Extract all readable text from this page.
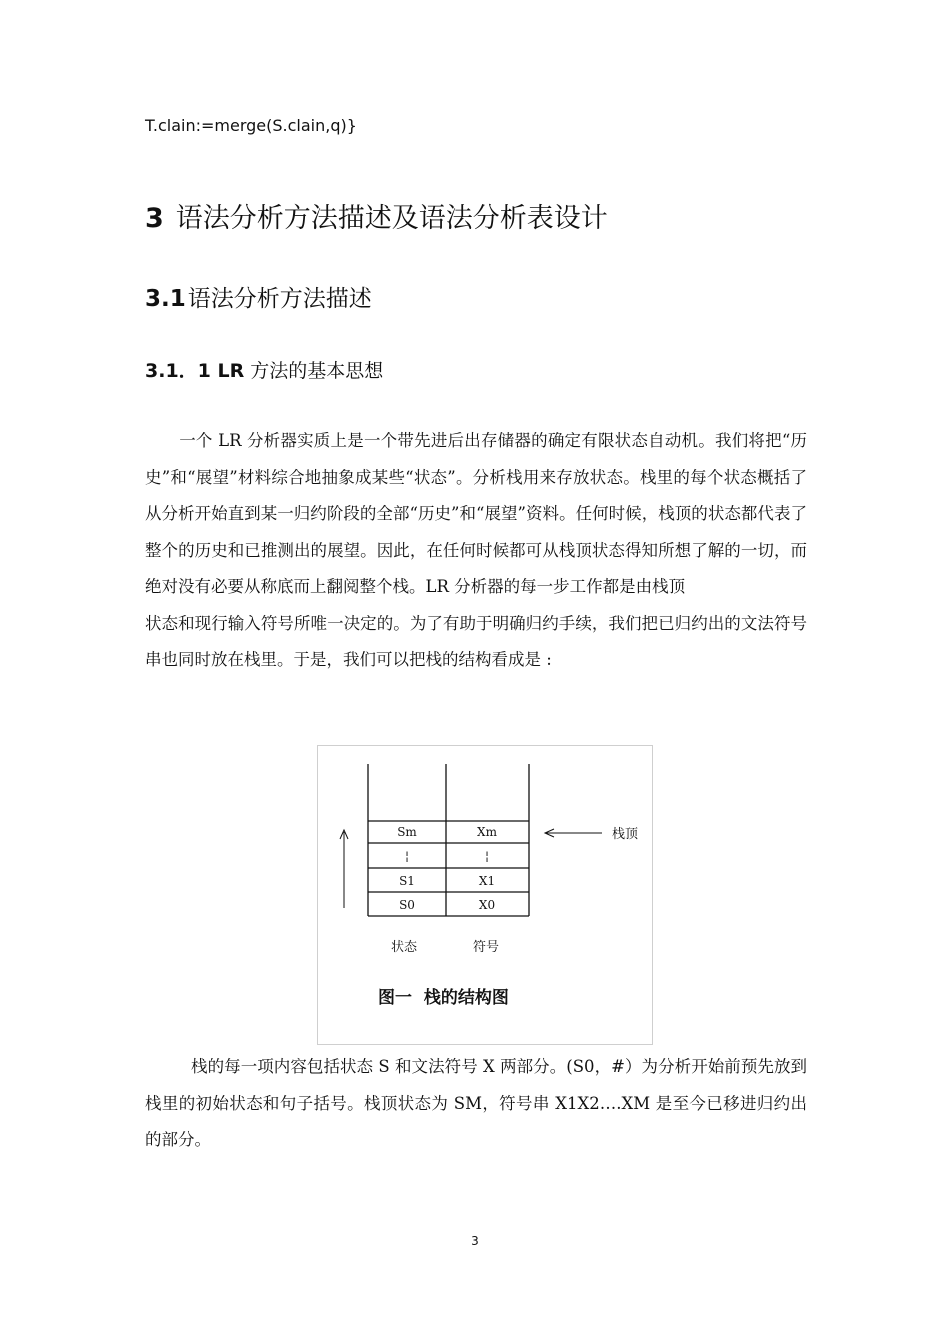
T.clain:=merge(S.clain,q)}
3 语法分析方法描述及语法分析表设计
3.1语法分析方法描述
3.1．1 LR 方法的基本思想

一个 LR 分析器实质上是一个带先进后出存储器的确定有限状态自动机。我们将把“历史”和“展望”材料综合地抽象成某些“状态”。分析栈用来存放状态。栈里的每个状态概括了从分析开始直到某一归约阶段的全部“历史”和“展望”资料。任何时候，栈顶的状态都代表了整个的历史和已推测出的展望。因此，在任何时候都可从栈顶状态得知所想了解的一切，而绝对没有必要从称底而上翻阅整个栈。LR 分析器的每一步工作都是由栈顶
状态和现行输入符号所唯一决定的。为了有助于明确归约手续，我们把已归约出的文法符号串也同时放在栈里。于是，我们可以把栈的结构看成是 :

Sm	Xm
¦	¦
S1	X1
S0	X0
栈顶
状态	符号
图一  栈的结构图

栈的每一项内容包括状态 S 和文法符号 X 两部分。(S0，#）为分析开始前预先放到栈里的初始状态和句子括号。栈顶状态为 SM，符号串 X1X2….XM 是至今已移进归约出的部分。

3
